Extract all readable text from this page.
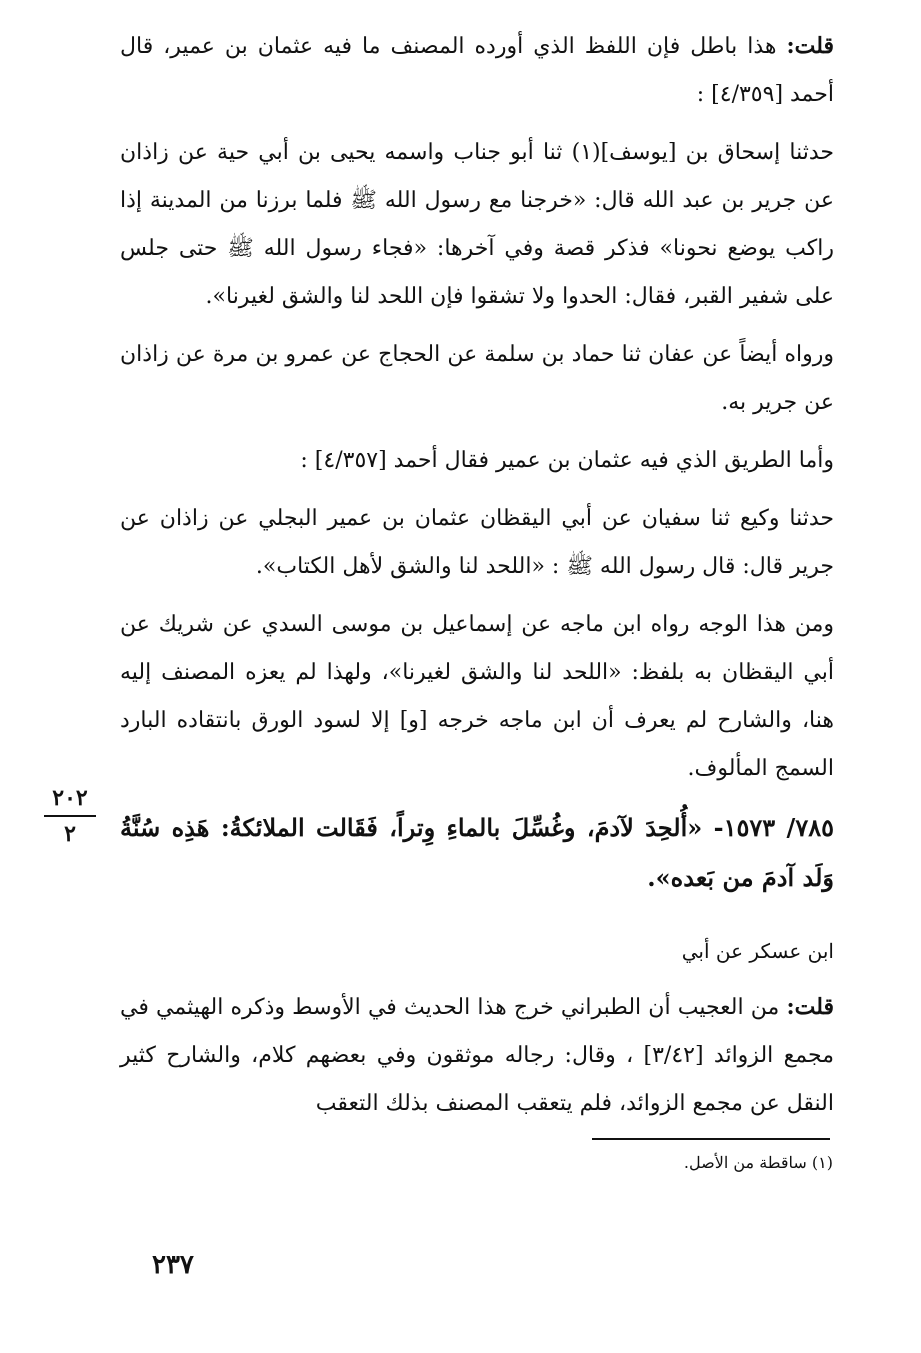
قلت: هذا باطل فإن اللفظ الذي أورده المصنف ما فيه عثمان بن عمير، قال أحمد [٤/٣٥٩] :

حدثنا إسحاق بن [يوسف](١) ثنا أبو جناب واسمه يحيى بن أبي حية عن زاذان عن جرير بن عبد الله قال: «خرجنا مع رسول الله ﷺ فلما برزنا من المدينة إذا راكب يوضع نحونا» فذكر قصة وفي آخرها: «فجاء رسول الله ﷺ حتى جلس على شفير القبر، فقال: الحدوا ولا تشقوا فإن اللحد لنا والشق لغيرنا».

ورواه أيضاً عن عفان ثنا حماد بن سلمة عن الحجاج عن عمرو بن مرة عن زاذان عن جرير به.

وأما الطريق الذي فيه عثمان بن عمير فقال أحمد [٤/٣٥٧] :

حدثنا وكيع ثنا سفيان عن أبي اليقظان عثمان بن عمير البجلي عن زاذان عن جرير قال: قال رسول الله ﷺ : «اللحد لنا والشق لأهل الكتاب».

ومن هذا الوجه رواه ابن ماجه عن إسماعيل بن موسى السدي عن شريك عن أبي اليقظان به بلفظ: «اللحد لنا والشق لغيرنا»، ولهذا لم يعزه المصنف إليه هنا، والشارح لم يعرف أن ابن ماجه خرجه [و] إلا لسود الورق بانتقاده البارد السمج المألوف.

٧٨٥/ ١٥٧٣- «أُلحِدَ لآدمَ، وغُسِّلَ بالماءِ وِتراً، فَقَالت الملائكةُ: هَذِه سُنَّةُ وَلَد آدمَ من بَعده».

ابن عسكر عن أبي

قلت: من العجيب أن الطبراني خرج هذا الحديث في الأوسط وذكره الهيثمي في مجمع الزوائد [٣/٤٢] ، وقال: رجاله موثقون وفي بعضهم كلام، والشارح كثير النقل عن مجمع الزوائد، فلم يتعقب المصنف بذلك التعقب

٢٠٢
٢
(١) ساقطة من الأصل.
٢٣٧
